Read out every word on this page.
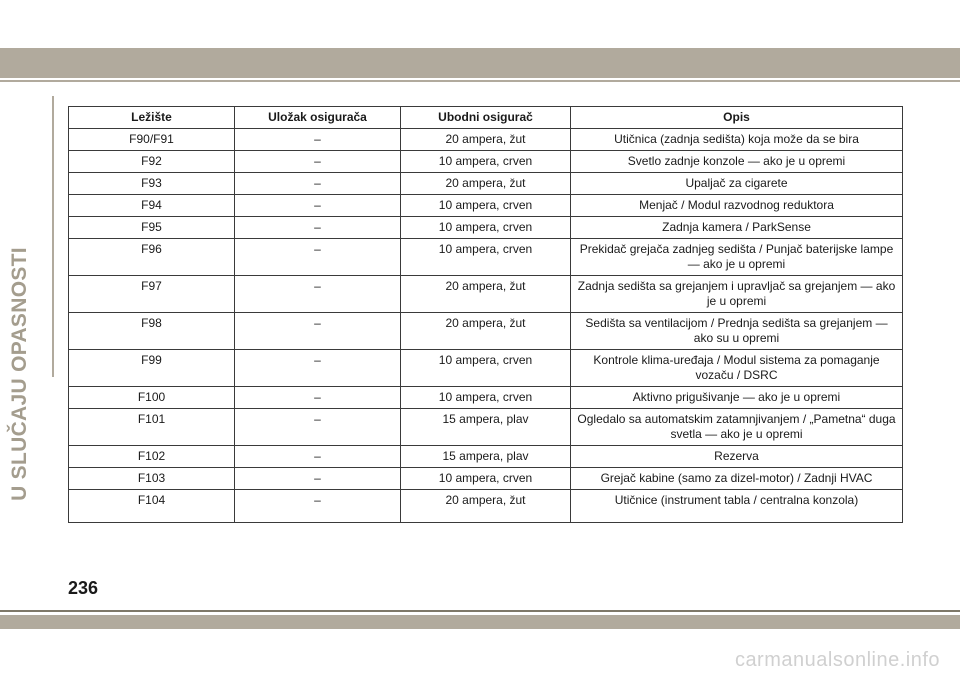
U SLUČAJU OPASNOSTI
Ležište	Uložak osigurača	Ubodni osigurač	Opis
F90/F91	–	20 ampera, žut	Utičnica (zadnja sedišta) koja može da se bira
F92	–	10 ampera, crven	Svetlo zadnje konzole — ako je u opremi
F93	–	20 ampera, žut	Upaljač za cigarete
F94	–	10 ampera, crven	Menjač / Modul razvodnog reduktora
F95	–	10 ampera, crven	Zadnja kamera / ParkSense
F96	–	10 ampera, crven	Prekidač grejača zadnjeg sedišta / Punjač baterijske lampe — ako je u opremi
F97	–	20 ampera, žut	Zadnja sedišta sa grejanjem i upravljač sa grejanjem — ako je u opremi
F98	–	20 ampera, žut	Sedišta sa ventilacijom / Prednja sedišta sa grejanjem — ako su u opremi
F99	–	10 ampera, crven	Kontrole klima-uređaja / Modul sistema za pomaganje vozaču / DSRC
F100	–	10 ampera, crven	Aktivno prigušivanje — ako je u opremi
F101	–	15 ampera, plav	Ogledalo sa automatskim zatamnjivanjem / „Pametna“ duga svetla — ako je u opremi
F102	–	15 ampera, plav	Rezerva
F103	–	10 ampera, crven	Grejač kabine (samo za dizel-motor) / Zadnji HVAC
F104	–	20 ampera, žut	Utičnice (instrument tabla / centralna konzola)
236
carmanualsonline.info
